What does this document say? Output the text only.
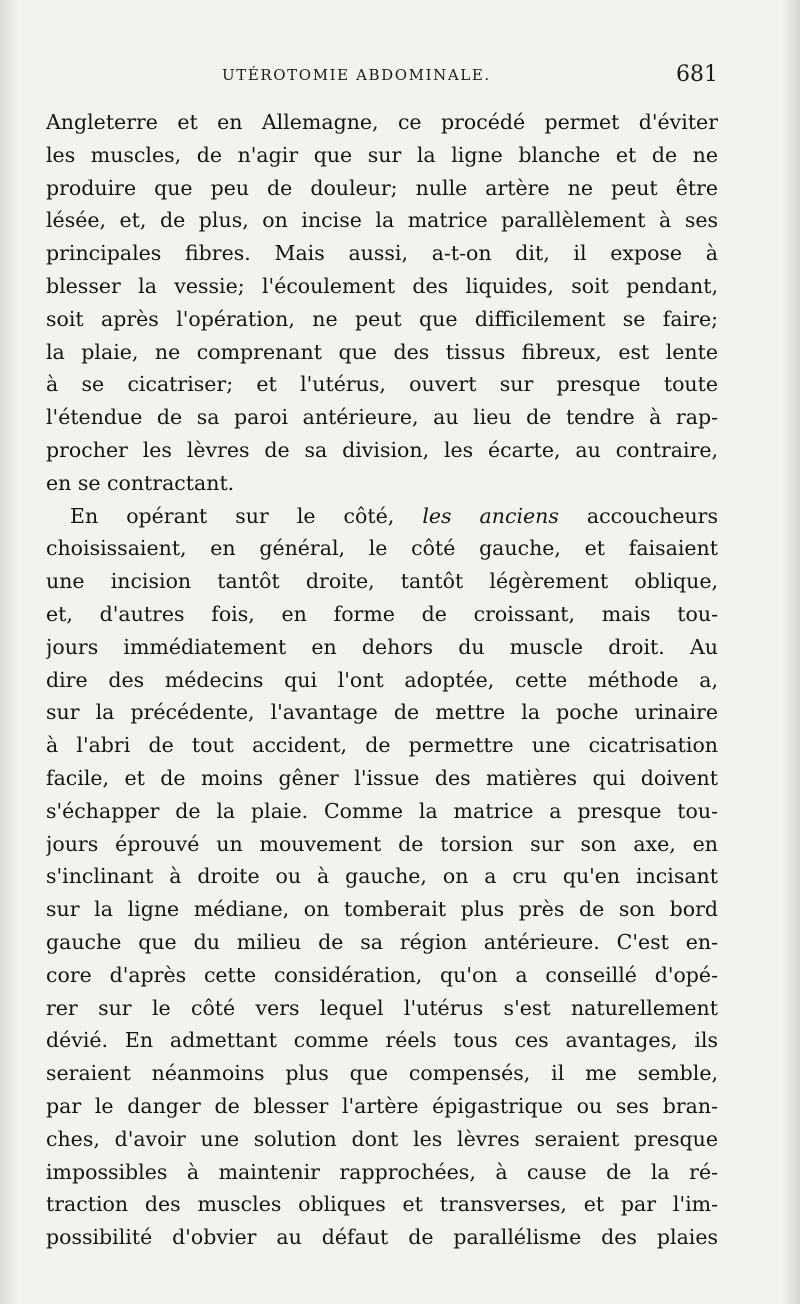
UTÉROTOMIE ABDOMINALE.	681
Angleterre et en Allemagne, ce procédé permet d'éviter
les muscles, de n'agir que sur la ligne blanche et de ne
produire que peu de douleur; nulle artère ne peut être
lésée, et, de plus, on incise la matrice parallèlement à ses
principales fibres. Mais aussi, a-t-on dit, il expose à
blesser la vessie; l'écoulement des liquides, soit pendant,
soit après l'opération, ne peut que difficilement se faire;
la plaie, ne comprenant que des tissus fibreux, est lente
à se cicatriser; et l'utérus, ouvert sur presque toute
l'étendue de sa paroi antérieure, au lieu de tendre à rap-
procher les lèvres de sa division, les écarte, au contraire,
en se contractant.
En opérant sur le côté, les anciens accoucheurs
choisissaient, en général, le côté gauche, et faisaient
une incision tantôt droite, tantôt légèrement oblique,
et, d'autres fois, en forme de croissant, mais tou-
jours immédiatement en dehors du muscle droit. Au
dire des médecins qui l'ont adoptée, cette méthode a,
sur la précédente, l'avantage de mettre la poche urinaire
à l'abri de tout accident, de permettre une cicatrisation
facile, et de moins gêner l'issue des matières qui doivent
s'échapper de la plaie. Comme la matrice a presque tou-
jours éprouvé un mouvement de torsion sur son axe, en
s'inclinant à droite ou à gauche, on a cru qu'en incisant
sur la ligne médiane, on tomberait plus près de son bord
gauche que du milieu de sa région antérieure. C'est en-
core d'après cette considération, qu'on a conseillé d'opé-
rer sur le côté vers lequel l'utérus s'est naturellement
dévié. En admettant comme réels tous ces avantages, ils
seraient néanmoins plus que compensés, il me semble,
par le danger de blesser l'artère épigastrique ou ses bran-
ches, d'avoir une solution dont les lèvres seraient presque
impossibles à maintenir rapprochées, à cause de la ré-
traction des muscles obliques et transverses, et par l'im-
possibilité d'obvier au défaut de parallélisme des plaies
